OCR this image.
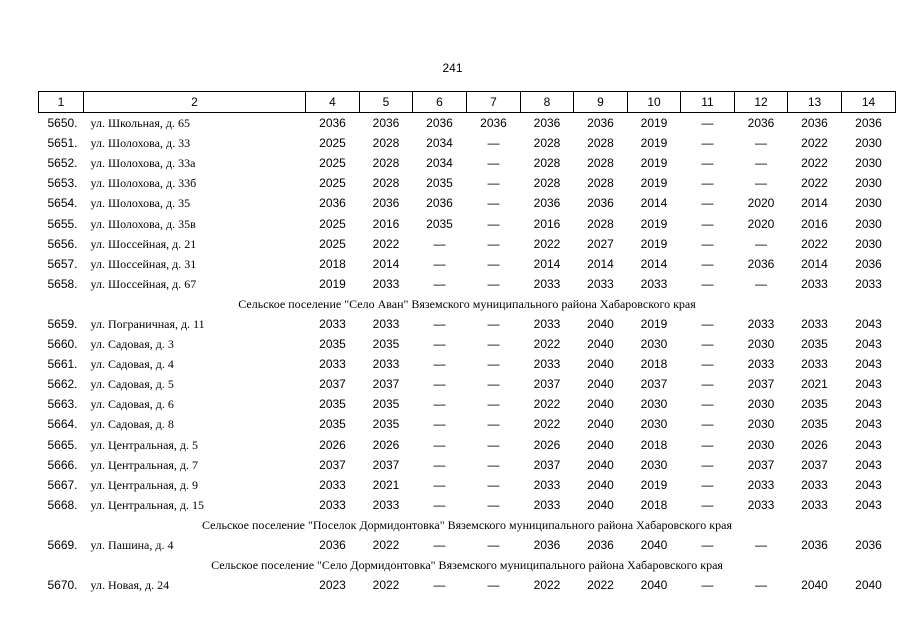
241
1	2	4	5	6	7	8	9	10	11	12	13	14
5650.	ул. Школьная, д. 65	2036	2036	2036	2036	2036	2036	2019	—	2036	2036	2036
5651.	ул. Шолохова, д. 33	2025	2028	2034	—	2028	2028	2019	—	—	2022	2030
5652.	ул. Шолохова, д. 33а	2025	2028	2034	—	2028	2028	2019	—	—	2022	2030
5653.	ул. Шолохова, д. 33б	2025	2028	2035	—	2028	2028	2019	—	—	2022	2030
5654.	ул. Шолохова, д. 35	2036	2036	2036	—	2036	2036	2014	—	2020	2014	2030
5655.	ул. Шолохова, д. 35в	2025	2016	2035	—	2016	2028	2019	—	2020	2016	2030
5656.	ул. Шоссейная, д. 21	2025	2022	—	—	2022	2027	2019	—	—	2022	2030
5657.	ул. Шоссейная, д. 31	2018	2014	—	—	2014	2014	2014	—	2036	2014	2036
5658.	ул. Шоссейная, д. 67	2019	2033	—	—	2033	2033	2033	—	—	2033	2033
Сельское поселение "Село Аван" Вяземского муниципального района Хабаровского края												
5659.	ул. Пограничная, д. 11	2033	2033	—	—	2033	2040	2019	—	2033	2033	2043
5660.	ул. Садовая, д. 3	2035	2035	—	—	2022	2040	2030	—	2030	2035	2043
5661.	ул. Садовая, д. 4	2033	2033	—	—	2033	2040	2018	—	2033	2033	2043
5662.	ул. Садовая, д. 5	2037	2037	—	—	2037	2040	2037	—	2037	2021	2043
5663.	ул. Садовая, д. 6	2035	2035	—	—	2022	2040	2030	—	2030	2035	2043
5664.	ул. Садовая, д. 8	2035	2035	—	—	2022	2040	2030	—	2030	2035	2043
5665.	ул. Центральная, д. 5	2026	2026	—	—	2026	2040	2018	—	2030	2026	2043
5666.	ул. Центральная, д. 7	2037	2037	—	—	2037	2040	2030	—	2037	2037	2043
5667.	ул. Центральная, д. 9	2033	2021	—	—	2033	2040	2019	—	2033	2033	2043
5668.	ул. Центральная, д. 15	2033	2033	—	—	2033	2040	2018	—	2033	2033	2043
Сельское поселение "Поселок Дормидонтовка" Вяземского муниципального района Хабаровского края												
5669.	ул. Пашина, д. 4	2036	2022	—	—	2036	2036	2040	—	—	2036	2036
Сельское поселение "Село Дормидонтовка" Вяземского муниципального района Хабаровского края												
5670.	ул. Новая, д. 24	2023	2022	—	—	2022	2022	2040	—	—	2040	2040
